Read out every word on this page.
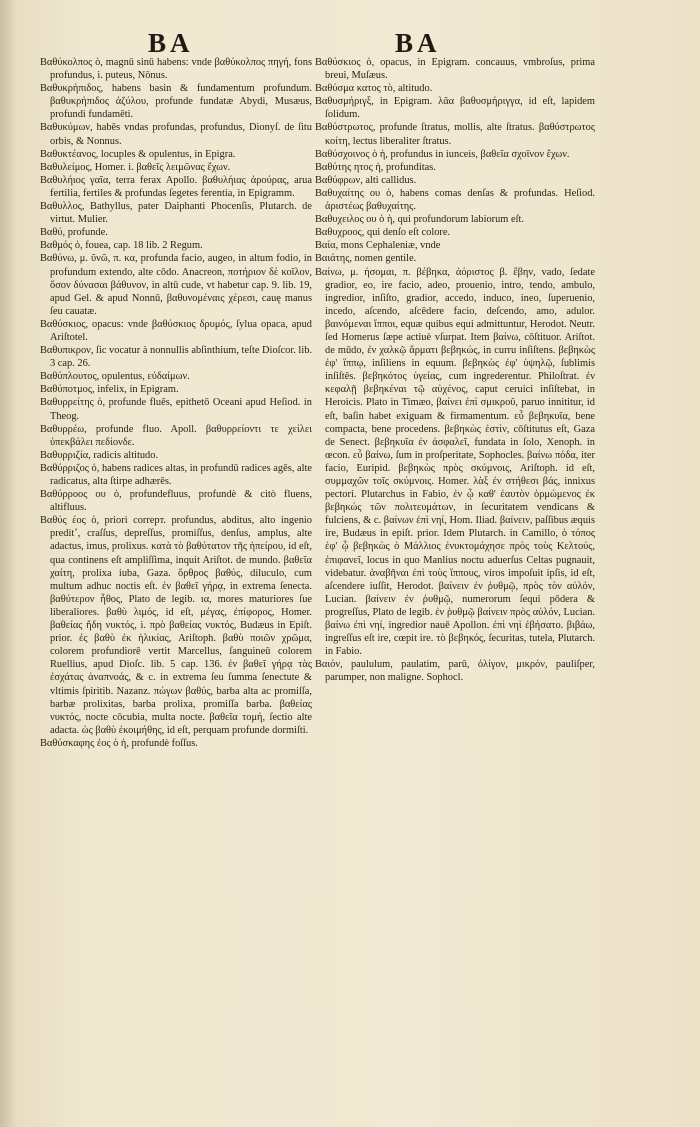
BA	BA

Βαθύκολπος ὁ, magnū sinū habens: vnde βαθύκολπος πηγή, fons profundus, i. puteus, Nōnus.

Βαθυκρήπιδος, habens basin & fundamentum profundum. βαθυκρήπιδος ἀζύλου, profunde fundatæ Abydi, Musæus, profundi fundamēti.

Βαθυκύμων, habēs vndas profundas, profundus, Dionyſ. de ſitu orbis, & Nonnus.

Βαθυκτέανος, locuples & opulentus, in Epigra.

Βαθυλείμος, Homer. i. βαθεῖς λειμῶνας ἔχων.

Βαθυλήιος γαῖα, terra ferax Apollo. βαθυλήιας ἀρούρας, arua fertilia, fertiles & profundas ſegetes ferentia, in Epigramm.

Βαθυλλος, Bathyllus, pater Daiphanti Phocenſis, Plutarch. de virtut. Mulier.

Βαθύ, profunde.

Βαθμός ὁ, fouea, cap. 18 lib. 2 Regum.

Βαθύνω, μ. ῦνῶ, π. κα, profunda facio, augeo, in altum fodio, in profundum extendo, alte cōdo. Anacreon, ποτήριον δὲ κοῖλον, ὅσον δύνασαι βάθυνον, in altū cude, vt habetur cap. 9. lib. 19, apud Gel. & apud Nonnū, βαθυνομέναις χέρεσι, cauę manus ſeu cauatæ.

Βαθύσκιος, opacus: vnde βαθύσκιος δρυμός, ſylua opaca, apud Ariſtotel.

Βαθυπικρον, ſic vocatur à nonnullis abſinthium, teſte Dioſcor. lib. 3 cap. 26.

Βαθύπλουτος, opulentus, εὐδαίμων.

Βαθύποτμος, infelix, in Epigram.

Βαθυρρείτης ὁ, profunde fluēs, epithetō Oceani apud Heſiod. in Theog.

Βαθυρρέω, profunde fluo. Apoll. βαθυρρείοντι τε χείλει ὑπεκβάλει πεδίονδε.

Βαθυρριζία, radicis altitudo.

Βαθύρριζος ὁ, habens radices altas, in profundū radices agēs, alte radicatus, alta ſtirpe adhærēs.

Βαθύρροος ου ὁ, profundefluus, profundè & citò fluens, altifluus.

Βαθύς έος ὁ, priori correpт. profundus, abditus, alto ingenio predit˚, craſſus, depreſſus, promiſſus, denſus, amplus, alte adactus, imus, prolixus. κατὰ τὸ βαθύτατον τῆς ἠπείρου, id eſt, qua continens eſt ampliſſima, inquit Ariſtot. de mundo. βαθεῖα χαίτη, prolixa iuba, Gaza. ὄρθρος βαθύς, diluculo, cum multum adhuc noctis eſt. ἐν βαθεῖ γήρᾳ, in extrema ſenecta. βαθύτερον ἦθος, Plato de legib. ια, mores maturiores ſue liberaliores. βαθὺ λιμός, id eſt, μέγας, ἐπίφορος, Homer. βαθείας ἤδη νυκτός, i. πρὸ βαθείας νυκτός, Budæus in Epiſt. prior. ἐς βαθὺ ἐκ ἡλικίας, Ariſtoph. βαθὺ ποιῶν χρῶμα, colorem profundiorē vertit Marcellus, ſanguineū colorem Ruellius, apud Dioſc. lib. 5 cap. 136. ἐν βαθεῖ γήρᾳ τὰς ἐσχάτας ἀναπνοάς, & c. in extrema ſeu ſumma ſenectute & vltimis ſpiritib. Nazanz. πώγων βαθύς, barba alta ac promiſſa, barbæ prolixitas, barba prolixa, promiſſa barba. βαθείας νυκτός, nocte cōcubia, multa nocte. βαθεῖα τομή, ſectio alte adacta. ὡς βαθὺ ἐκοιμήθης, id eſt, perquam profunde dormiſti.

Βαθύσκαφης ἐος ὁ ἡ, profundè foſſus.

Βαθύσκιος ὁ, opacus, in Epigram. concauus, vmbroſus, prima breui, Muſæus.

Βαθύσμα κατος τὸ, altitudo.

Βαθυσμήριγξ, in Epigram. λᾶα βαθυσμήριγγα, id eſt, lapidem ſolidum.

Βαθύστρωτος, profunde ſtratus, mollis, alte ſtratus. βαθύστρωτος κοίτη, lectus liberaliter ſtratus.

Βαθύσχοινος ὁ ἡ, profundus in iunceis, βαθεῖα σχοῖνον ἔχων.

Βαθύτης ητος ἡ, profunditas.

Βαθύφρων, alti callidus.

Βαθυχαίτης ου ὁ, habens comas denſas & profundas. Heſiod. ἀριστέως βαθυχαίτης.

Βαθυχειλος ου ὁ ἡ, qui profundorum labiorum eſt.

Βαθυχροος, qui denſo eſt colore.

Βαία, mons Cephaleniæ, vnde

Βαιάτης, nomen gentile.

Βαίνω, μ. ήσομαι, π. βέβηκα, ἀόριστος β. ἔβην, vado, ſedate gradior, eo, ire facio, adeo, prouenio, intro, tendo, ambulo, ingredior, inſiſto, gradior, accedo, induco, ineo, ſuperuenio, incedo, aſcendo, aſcēdere facio, deſcendo, amo, adulor. βαινόμεναι ἵπποι, equæ quibus equi admittuntur, Herodot. Neutr. ſed Homerus ſæpe actiuè vſurpat. Item βαίνω, cōſtituor. Ariſtot. de mūdo, ἐν χαλκῷ ἅρματι βεβηκώς, in curru inſiſtens. βεβηκὼς ἐφ' ἵππῳ, inſiliens in equum. βεβηκὼς ἐφ' ὑψηλῷ, ſublimis inſiſtēs. βεβηκότος ὑγείας, cum ingrederentur. Philoſtrat. ἐν κεφαλῇ βεβηκέναι τῷ αὐχένος, caput ceruici inſiſtebat, in Heroicis. Plato in Timæo, βαίνει ἐπὶ σμικροῦ, paruo innititur, id eſt, baſin habet exiguam & firmamentum. εὖ βεβηκυῖα, bene compacta, bene procedens. βεβηκὼς ἐστὶν, cōſtitutus eſt, Gaza de Senect. βεβηκυῖα ἐν ἀσφαλεῖ, fundata in ſolo, Xenoph. in œcon. εὖ βαίνω, ſum in proſperitate, Sophocles. βαίνω πόδα, iter facio, Euripid. βεβηκὼς πρὸς σκύμνοις, Ariſtoph. id eſt, συμμαχῶν τοῖς σκύμνοις. Homer. λὰξ ἐν στήθεσι βάς, innixus pectori. Plutarchus in Fabio, ἐν ᾧ καθ' ἑαυτὸν ὁρμώμενος ἐκ βεβηκώς τῶν πολιτευμάτων, in ſecuritatem vendicans & fulciens, & c. βαίνων ἐπὶ νηί, Hom. Iliad. βαίνειν, paſſibus æquis ire, Budæus in epiſt. prior. Idem Plutarch. in Camillo, ὁ τόπος ἐφ' ᾧ βεβηκὼς ὁ Μάλλιος ἐνυκτομάχησε πρὸς τοὺς Κελτούς, ἐπιφανεῖ, locus in quo Manlius noctu aduerſus Celtas pugnauit, videbatur. ἀναβῆναι ἐπὶ τοὺς ἵππους, viros impoſuit ipſis, id eſt, aſcendere iuſſit, Herodot. βαίνειν ἐν ῥυθμῷ, πρὸς τὸν αὐλόν, Lucian. βαίνειν ἐν ῥυθμῷ, numerorum ſequi pōdera & progreſſus, Plato de legib. ἐν ῥυθμῷ βαίνειν πρὸς αὐλόν, Lucian. βαίνω ἐπὶ νηί, ingredior nauē Apollon. ἐπὶ νηὶ ἐβήσατο. βιβάω, ingreſſus eſt ire, cœpit ire. τὸ βεβηκός, ſecuritas, tutela, Plutarch. in Fabio.

Βαιόν, paululum, paulatim, parū, ὀλίγον, μικρόν, pauliſper, parumper, non maligne. Sophocl.
